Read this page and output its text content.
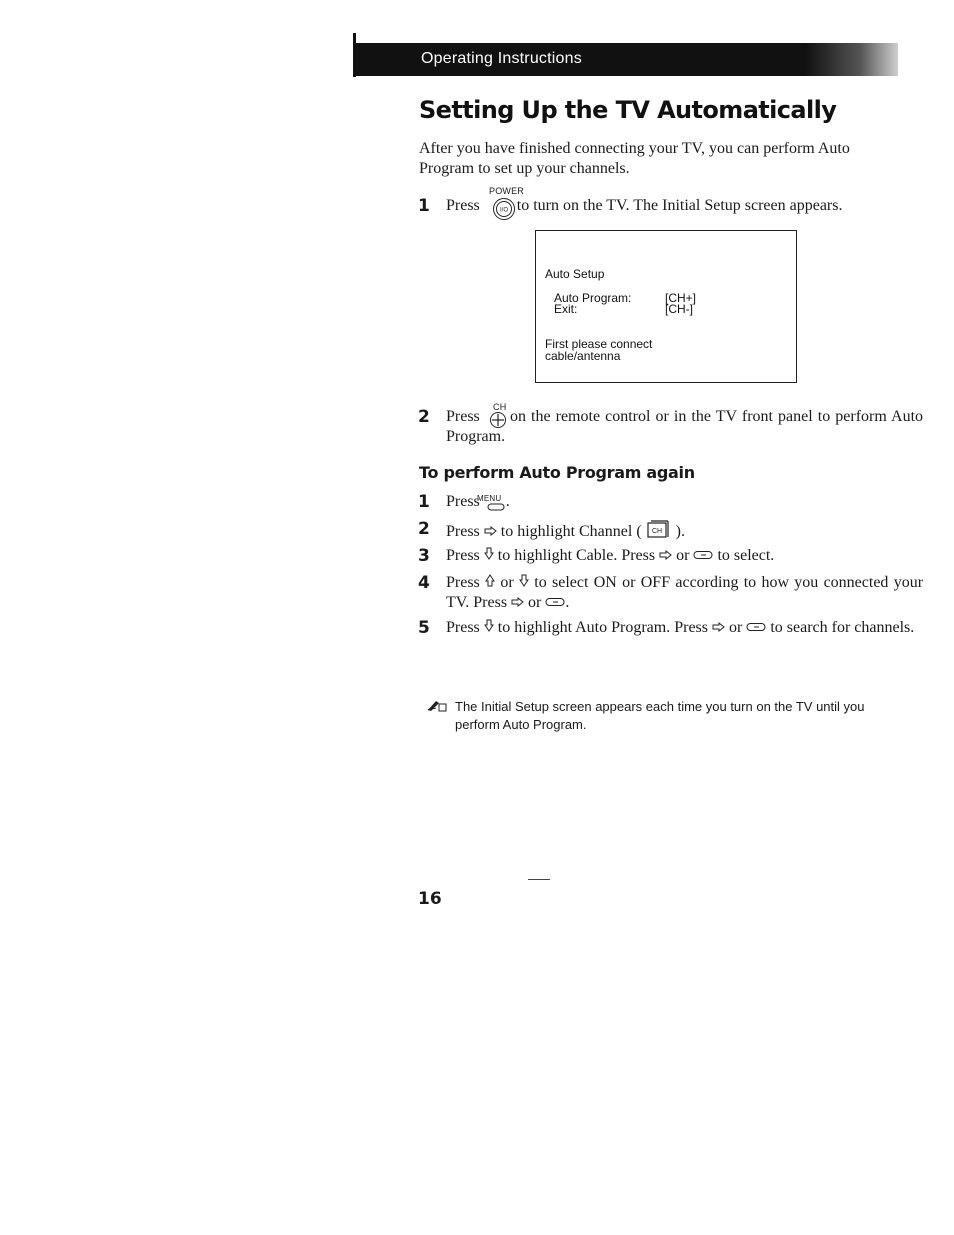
Operating Instructions
Setting Up the TV Automatically

After you have finished connecting your TV, you can perform Auto Program to set up your channels.

POWER
1 Press to turn on the TV. The Initial Setup screen appears.

I/O
Auto Setup
Auto Program:	[CH+]
Exit:	[CH-]
First please connect
cable/antenna
CH
2 Press on the remote control or in the TV front panel to perform Auto Program.

To perform Auto Program again
1	MENU

Press .

2 Press to highlight Channel ( CH ).

3 Press to highlight Cable. Press or to select.

4 Press or to select ON or OFF according to how you connected your TV. Press or .

5 Press to highlight Auto Program. Press or to search for channels.

The Initial Setup screen appears each time you turn on the TV until you perform Auto Program.

16
